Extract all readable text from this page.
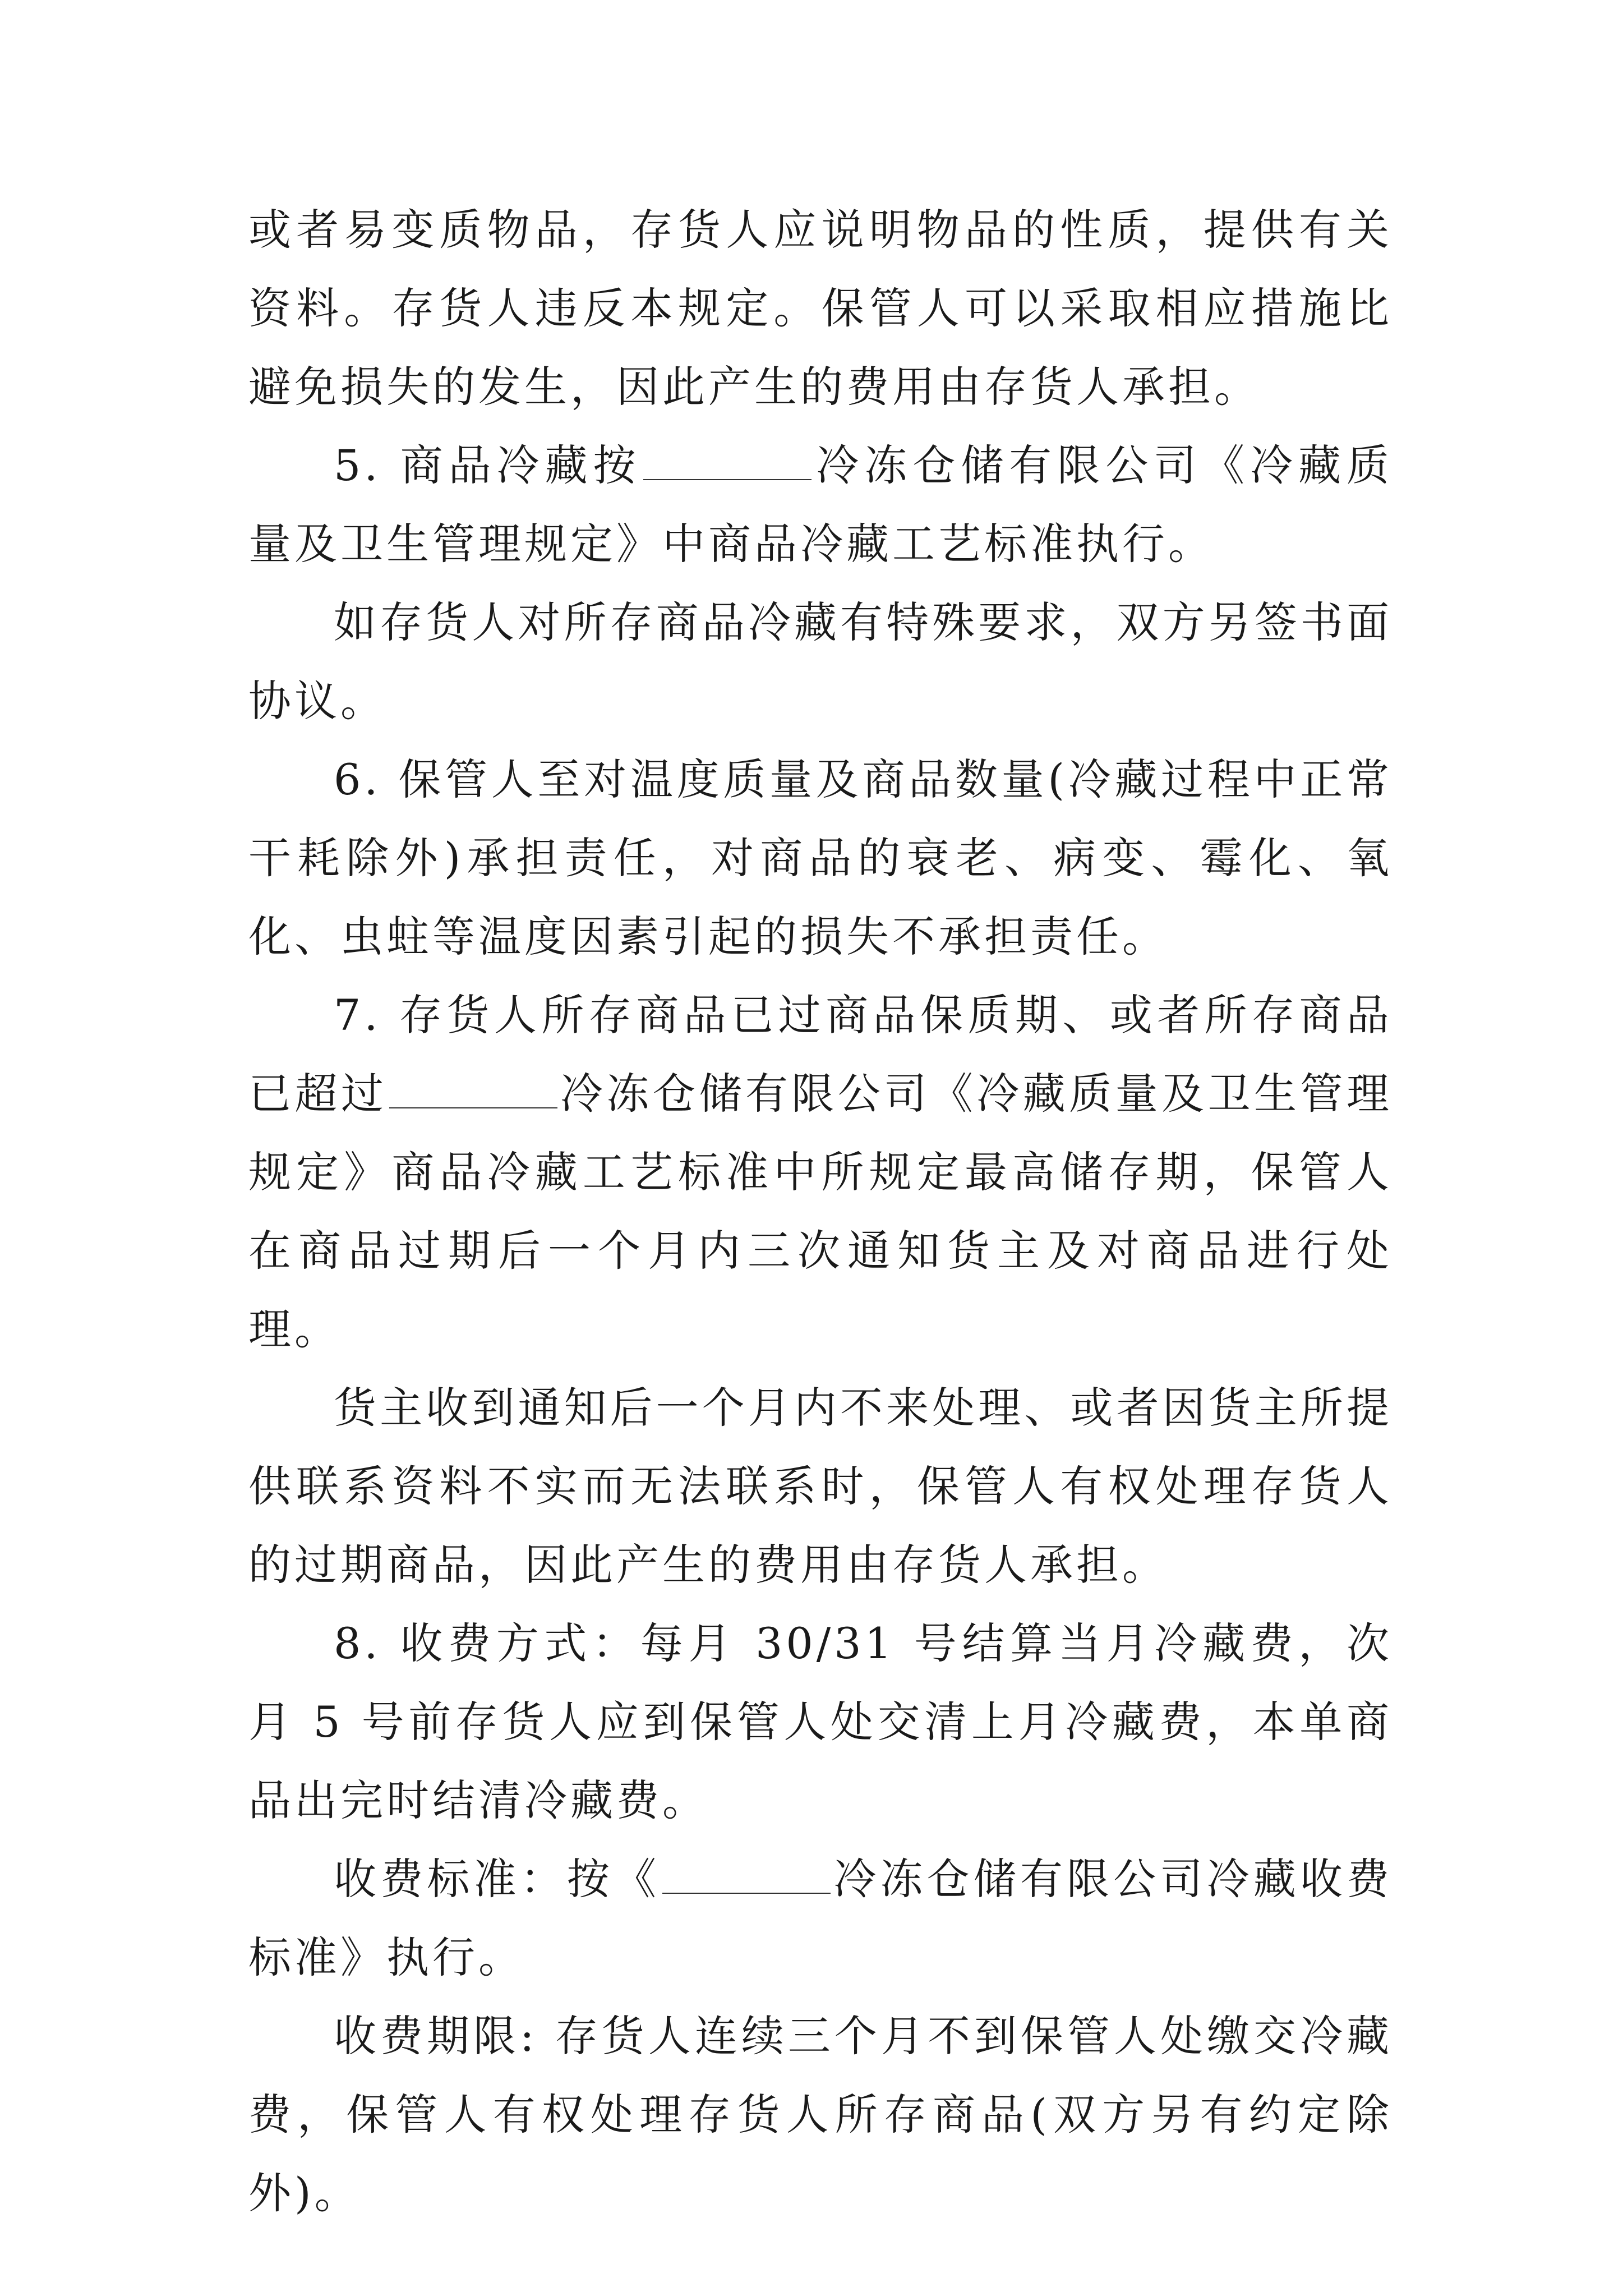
或者易变质物品，存货人应说明物品的性质，提供有关资料。存货人违反本规定。保管人可以采取相应措施比避免损失的发生，因此产生的费用由存货人承担。

5. 商品冷藏按	冷冻仓储有限公司《冷藏质量及卫生管理规定》中商品冷藏工艺标准执行。

如存货人对所存商品冷藏有特殊要求，双方另签书面协议。

6. 保管人至对温度质量及商品数量(冷藏过程中正常干耗除外)承担责任，对商品的衰老、病变、霉化、氧化、虫蛀等温度因素引起的损失不承担责任。

7. 存货人所存商品已过商品保质期、或者所存商品已超过	冷冻仓储有限公司《冷藏质量及卫生管理规定》商品冷藏工艺标准中所规定最高储存期，保管人在商品过期后一个月内三次通知货主及对商品进行处理。

货主收到通知后一个月内不来处理、或者因货主所提供联系资料不实而无法联系时，保管人有权处理存货人的过期商品，因此产生的费用由存货人承担。

8. 收费方式：每月 30/31 号结算当月冷藏费，次月 5 号前存货人应到保管人处交清上月冷藏费，本单商品出完时结清冷藏费。

收费标准：按《	冷冻仓储有限公司冷藏收费标准》执行。

收费期限: 存货人连续三个月不到保管人处缴交冷藏费，保管人有权处理存货人所存商品(双方另有约定除外)。
